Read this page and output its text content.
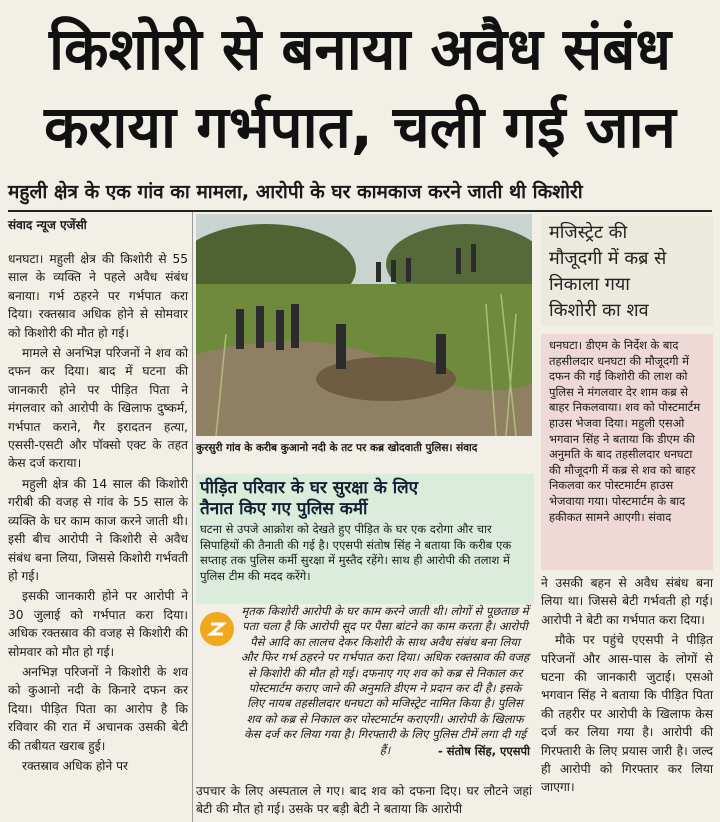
किशोरी से बनाया अवैध संबंध
कराया गर्भपात, चली गई जान
महुली क्षेत्र के एक गांव का मामला, आरोपी के घर कामकाज करने जाती थी किशोरी
संवाद न्यूज एजेंसी

धनघटा। महुली क्षेत्र की किशोरी से 55 साल के व्यक्ति ने पहले अवैध संबंध बनाया। गर्भ ठहरने पर गर्भपात करा दिया। रक्तस्राव अधिक होने से सोमवार को किशोरी की मौत हो गई।

मामले से अनभिज्ञ परिजनों ने शव को दफन कर दिया। बाद में घटना की जानकारी होने पर पीड़ित पिता ने मंगलवार को आरोपी के खिलाफ दुष्कर्म, गर्भपात कराने, गैर इरादतन हत्या, एससी-एसटी और पॉक्सो एक्ट के तहत केस दर्ज कराया।

महुली क्षेत्र की 14 साल की किशोरी गरीबी की वजह से गांव के 55 साल के व्यक्ति के घर काम काज करने जाती थी। इसी बीच आरोपी ने किशोरी से अवैध संबंध बना लिया, जिससे किशोरी गर्भवती हो गई।

इसकी जानकारी होने पर आरोपी ने 30 जुलाई को गर्भपात करा दिया। अधिक रक्तस्राव की वजह से किशोरी की सोमवार को मौत हो गई।

अनभिज्ञ परिजनों ने किशोरी के शव को कुआनो नदी के किनारे दफन कर दिया। पीड़ित पिता का आरोप है कि रविवार की रात में अचानक उसकी बेटी की तबीयत खराब हुई।

रक्तस्राव अधिक होने पर

कुरसुरी गांव के करीब कुआनो नदी के तट पर कब्र खोदवाती पुलिस। संवाद
पीड़ित परिवार के घर सुरक्षा के लिए
तैनात किए गए पुलिस कर्मी
घटना से उपजे आक्रोश को देखते हुए पीड़ित के घर एक दरोगा और चार सिपाहियों की तैनाती की गई है। एएसपी संतोष सिंह ने बताया कि करीब एक सप्ताह तक पुलिस कर्मी सुरक्षा में मुस्तैद रहेंगे। साथ ही आरोपी की तलाश में पुलिस टीम की मदद करेंगे।
मृतक किशोरी आरोपी के घर काम करने जाती थी। लोगों से पूछताछ में पता चला है कि आरोपी सूद पर पैसा बांटने का काम करता है। आरोपी पैसे आदि का लालच देकर किशोरी के साथ अवैध संबंध बना लिया और फिर गर्भ ठहरने पर गर्भपात करा दिया। अधिक रक्तस्राव की वजह से किशोरी की मौत हो गई। दफनाए गए शव को कब्र से निकाल कर पोस्टमार्टम कराए जाने की अनुमति डीएम ने प्रदान कर दी है। इसके लिए नायब तहसीलदार धनघटा को मजिस्ट्रेट नामित किया है। पुलिस शव को कब्र से निकाल कर पोस्टमार्टम कराएगी। आरोपी के खिलाफ केस दर्ज कर लिया गया है। गिरफ्तारी के लिए पुलिस टीमें लगा दी गई हैं।	- संतोष सिंह, एएसपी
उपचार के लिए अस्पताल ले गए। बाद शव को दफना दिए। घर लौटने जहां बेटी की मौत हो गई। उसके पर बड़ी बेटी ने बताया कि आरोपी
मजिस्ट्रेट की
मौजूदगी में कब्र से
निकाला गया
किशोरी का शव
धनघटा। डीएम के निर्देश के बाद तहसीलदार धनघटा की मौजूदगी में दफन की गई किशोरी की लाश को पुलिस ने मंगलवार देर शाम कब्र से बाहर निकलवाया। शव को पोस्टमार्टम हाउस भेजवा दिया। महुली एसओ भगवान सिंह ने बताया कि डीएम की अनुमति के बाद तहसीलदार धनघटा की मौजूदगी में कब्र से शव को बाहर निकलवा कर पोस्टमार्टम हाउस भेजवाया गया। पोस्टमार्टम के बाद हकीकत सामने आएगी। संवाद

ने उसकी बहन से अवैध संबंध बना लिया था। जिससे बेटी गर्भवती हो गई। आरोपी ने बेटी का गर्भपात करा दिया।

मौके पर पहुंचे एएसपी ने पीड़ित परिजनों और आस-पास के लोगों से घटना की जानकारी जुटाई। एसओ भगवान सिंह ने बताया कि पीड़ित पिता की तहरीर पर आरोपी के खिलाफ केस दर्ज कर लिया गया है। आरोपी की गिरफ्तारी के लिए प्रयास जारी है। जल्द ही आरोपी को गिरफ्तार कर लिया जाएगा।
